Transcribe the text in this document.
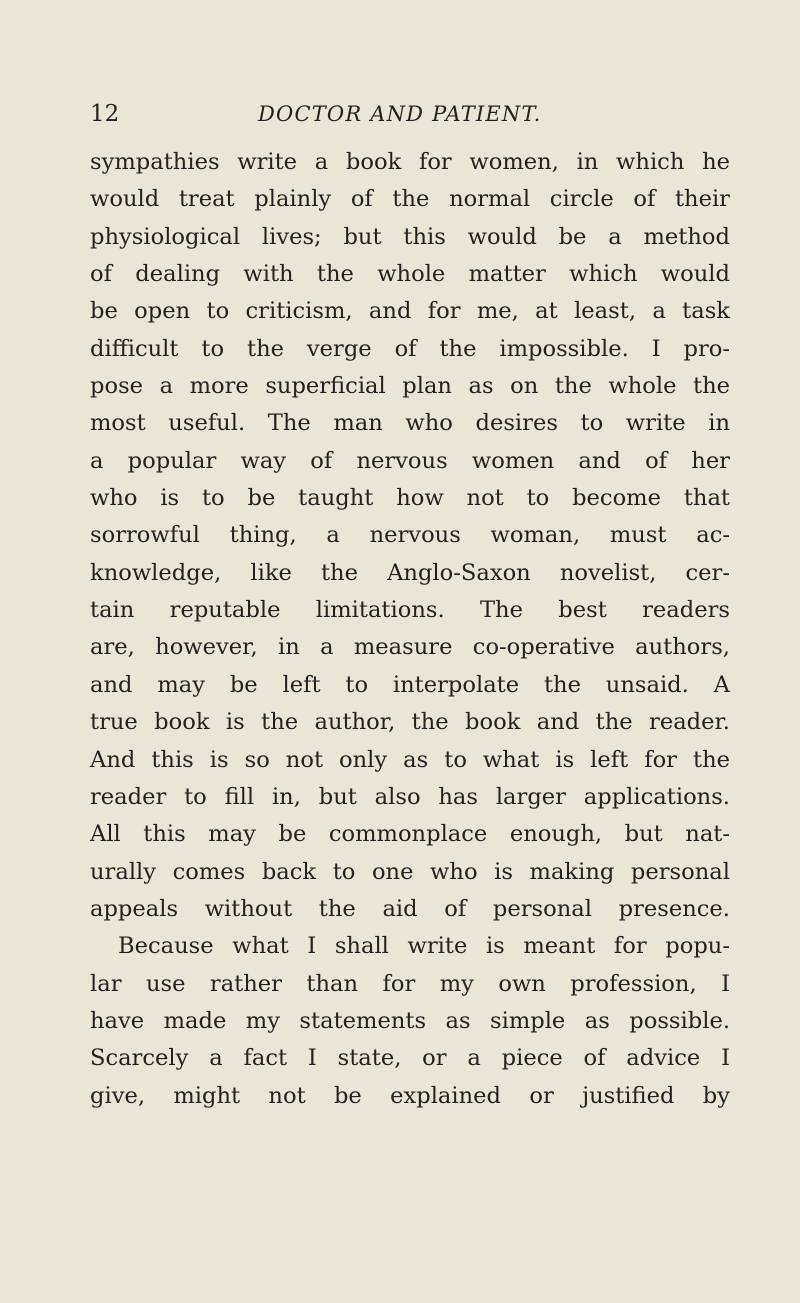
12	DOCTOR AND PATIENT.
sympathies write a book for women, in which he
would treat plainly of the normal circle of their
physiological lives; but this would be a method
of dealing with the whole matter which would
be open to criticism, and for me, at least, a task
difficult to the verge of the impossible. I pro-
pose a more superficial plan as on the whole the
most useful. The man who desires to write in
a popular way of nervous women and of her
who is to be taught how not to become that
sorrowful thing, a nervous woman, must ac-
knowledge, like the Anglo-Saxon novelist, cer-
tain reputable limitations. The best readers
are, however, in a measure co-operative authors,
and may be left to interpolate the unsaid. A
true book is the author, the book and the reader.
And this is so not only as to what is left for the
reader to fill in, but also has larger applications.
All this may be commonplace enough, but nat-
urally comes back to one who is making personal
appeals without the aid of personal presence.
Because what I shall write is meant for popu-
lar use rather than for my own profession, I
have made my statements as simple as possible.
Scarcely a fact I state, or a piece of advice I
give, might not be explained or justified by
